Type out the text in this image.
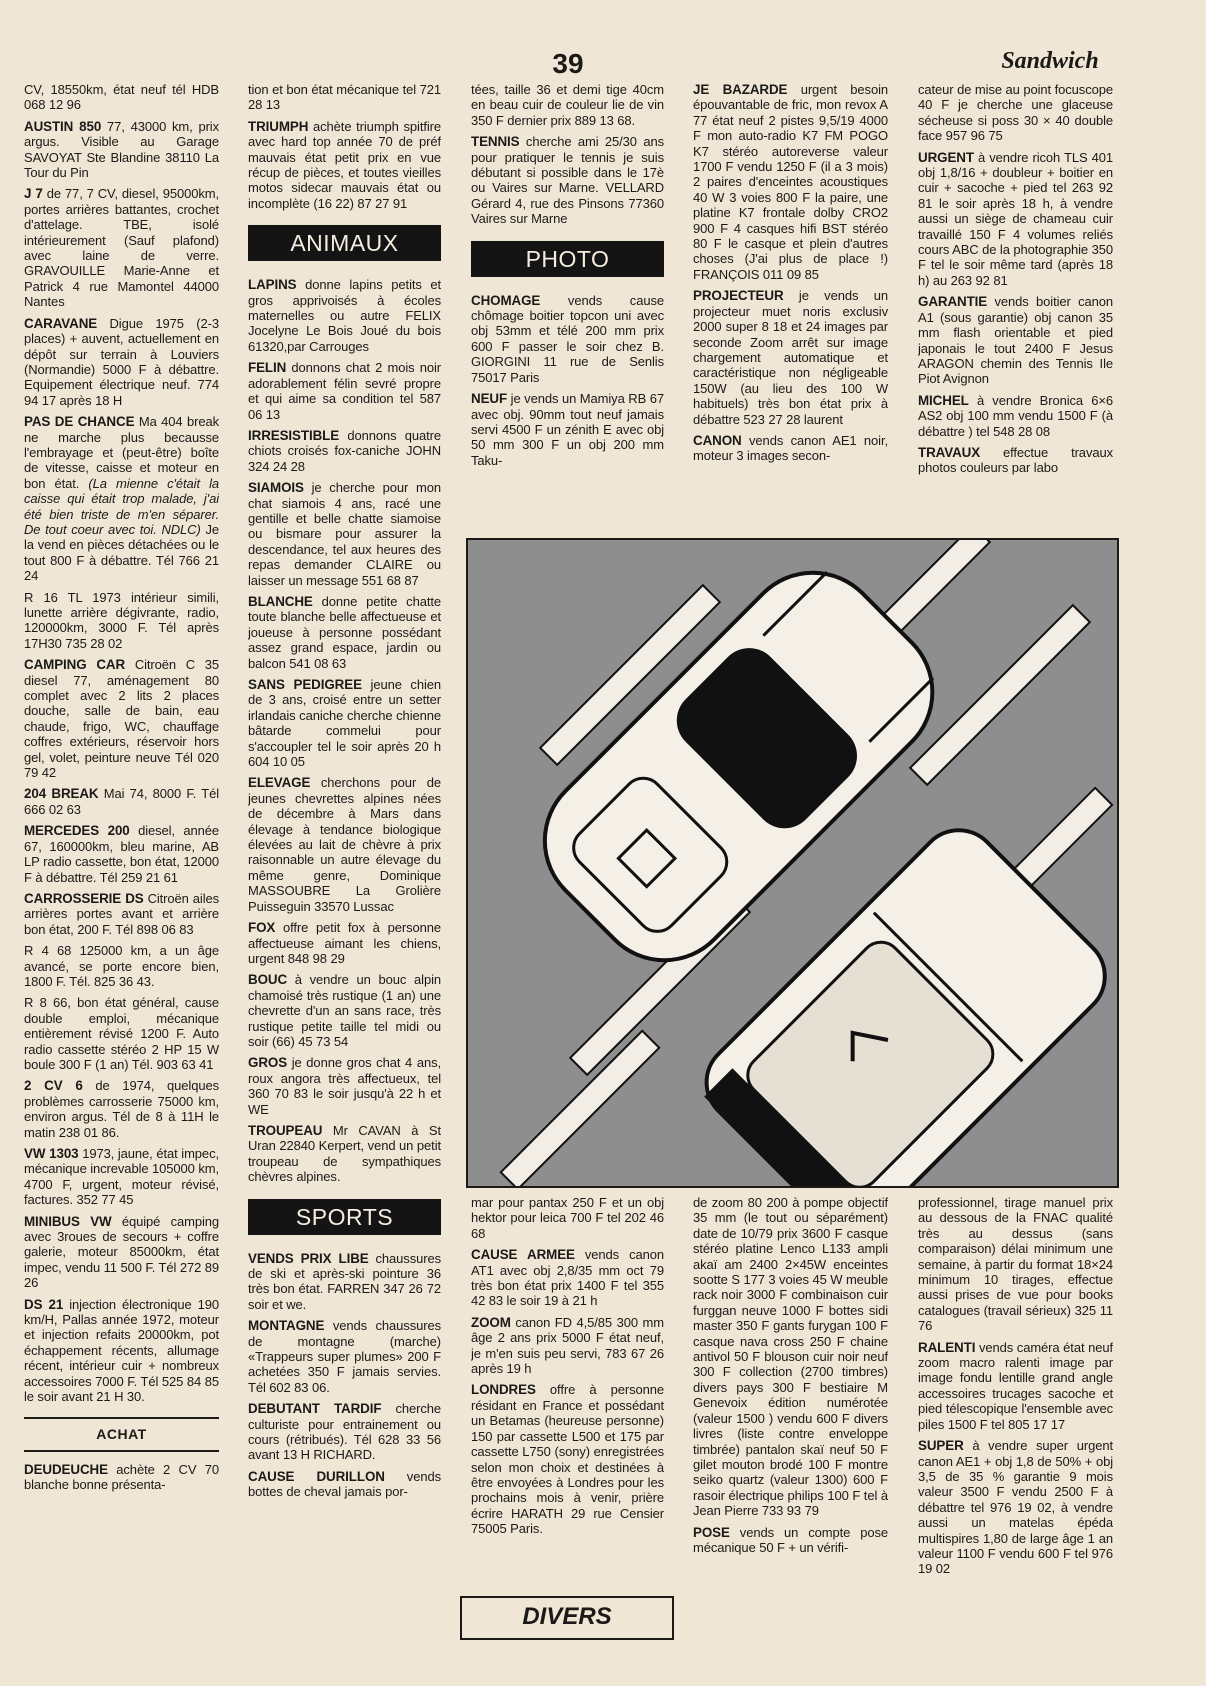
39	Sandwich

CV, 18550km, état neuf tél HDB 068 12 96

AUSTIN 850 77, 43000 km, prix argus. Visible au Garage SAVOYAT Ste Blandine 38110 La Tour du Pin

J 7 de 77, 7 CV, diesel, 95000km, portes arrières battantes, crochet d'attelage. TBE, isolé intérieurement (Sauf plafond) avec laine de verre. GRAVOUILLE Marie-Anne et Patrick 4 rue Mamontel 44000 Nantes

CARAVANE Digue 1975 (2-3 places) + auvent, actuellement en dépôt sur terrain à Louviers (Normandie) 5000 F à débattre. Equipement électrique neuf. 774 94 17 après 18 H

PAS DE CHANCE Ma 404 break ne marche plus becausse l'embrayage et (peut-être) boîte de vitesse, caisse et moteur en bon état. (La mienne c'était la caisse qui était trop malade, j'ai été bien triste de m'en séparer. De tout coeur avec toi. NDLC) Je la vend en pièces détachées ou le tout 800 F à débattre. Tél 766 21 24

R 16 TL 1973 intérieur simili, lunette arrière dégivrante, radio, 120000km, 3000 F. Tél après 17H30 735 28 02

CAMPING CAR Citroën C 35 diesel 77, aménagement 80 complet avec 2 lits 2 places douche, salle de bain, eau chaude, frigo, WC, chauffage coffres extérieurs, réservoir hors gel, volet, peinture neuve Tél 020 79 42

204 BREAK Mai 74, 8000 F. Tél 666 02 63

MERCEDES 200 diesel, année 67, 160000km, bleu marine, AB LP radio cassette, bon état, 12000 F à débattre. Tél 259 21 61

CARROSSERIE DS Citroën ailes arrières portes avant et arrière bon état, 200 F. Tél 898 06 83

R 4 68 125000 km, a un âge avancé, se porte encore bien, 1800 F. Tél. 825 36 43.

R 8 66, bon état général, cause double emploi, mécanique entièrement révisé 1200 F. Auto radio cassette stéréo 2 HP 15 W boule 300 F (1 an) Tél. 903 63 41

2 CV 6 de 1974, quelques problèmes carrosserie 75000 km, environ argus. Tél de 8 à 11H le matin 238 01 86.

VW 1303 1973, jaune, état impec, mécanique increvable 105000 km, 4700 F, urgent, moteur révisé, factures. 352 77 45

MINIBUS VW équipé camping avec 3roues de secours + coffre galerie, moteur 85000km, état impec, vendu 11 500 F. Tél 272 89 26

DS 21 injection électronique 190 km/H, Pallas année 1972, moteur et injection refaits 20000km, pot échappement récents, allumage récent, intérieur cuir + nombreux accessoires 7000 F. Tél 525 84 85 le soir avant 21 H 30.

ACHAT

DEUDEUCHE achète 2 CV 70 blanche bonne présenta-

tion et bon état mécanique tel 721 28 13

TRIUMPH achète triumph spitfire avec hard top année 70 de préf mauvais état petit prix en vue récup de pièces, et toutes vieilles motos sidecar mauvais état ou incomplète (16 22) 87 27 91

ANIMAUX

LAPINS donne lapins petits et gros apprivoisés à écoles maternelles ou autre FELIX Jocelyne Le Bois Joué du bois 61320,par Carrouges

FELIN donnons chat 2 mois noir adorablement félin sevré propre et qui aime sa condition tel 587 06 13

IRRESISTIBLE donnons quatre chiots croisés fox-caniche JOHN 324 24 28

SIAMOIS je cherche pour mon chat siamois 4 ans, racé une gentille et belle chatte siamoise ou bismare pour assurer la descendance, tel aux heures des repas demander CLAIRE ou laisser un message 551 68 87

BLANCHE donne petite chatte toute blanche belle affectueuse et joueuse à personne possédant assez grand espace, jardin ou balcon 541 08 63

SANS PEDIGREE jeune chien de 3 ans, croisé entre un setter irlandais caniche cherche chienne bâtarde commelui pour s'accoupler tel le soir après 20 h 604 10 05

ELEVAGE cherchons pour de jeunes chevrettes alpines nées de décembre à Mars dans élevage à tendance biologique élevées au lait de chèvre à prix raisonnable un autre élevage du même genre, Dominique MASSOUBRE La Grolière Puisseguin 33570 Lussac

FOX offre petit fox à personne affectueuse aimant les chiens, urgent 848 98 29

BOUC à vendre un bouc alpin chamoisé très rustique (1 an) une chevrette d'un an sans race, très rustique petite taille tel midi ou soir (66) 45 73 54

GROS je donne gros chat 4 ans, roux angora très affectueux, tel 360 70 83 le soir jusqu'à 22 h et WE

TROUPEAU Mr CAVAN à St Uran 22840 Kerpert, vend un petit troupeau de sympathiques chèvres alpines.

SPORTS

VENDS PRIX LIBE chaussures de ski et après-ski pointure 36 très bon état. FARREN 347 26 72 soir et we.

MONTAGNE vends chaussures de montagne (marche) «Trappeurs super plumes» 200 F achetées 350 F jamais servies. Tél 602 83 06.

DEBUTANT TARDIF cherche culturiste pour entrainement ou cours (rétribués). Tél 628 33 56 avant 13 H RICHARD.

CAUSE DURILLON vends bottes de cheval jamais por-

tées, taille 36 et demi tige 40cm en beau cuir de couleur lie de vin 350 F dernier prix 889 13 68.

TENNIS cherche ami 25/30 ans pour pratiquer le tennis je suis débutant si possible dans le 17è ou Vaires sur Marne. VELLARD Gérard 4, rue des Pinsons 77360 Vaires sur Marne

PHOTO

CHOMAGE vends cause chômage boitier topcon uni avec obj 53mm et télé 200 mm prix 600 F passer le soir chez B. GIORGINI 11 rue de Senlis 75017 Paris

NEUF je vends un Mamiya RB 67 avec obj. 90mm tout neuf jamais servi 4500 F un zénith E avec obj 50 mm 300 F un obj 200 mm Taku-

JE BAZARDE urgent besoin épouvantable de fric, mon revox A 77 état neuf 2 pistes 9,5/19 4000 F mon auto-radio K7 FM POGO K7 stéréo autoreverse valeur 1700 F vendu 1250 F (il a 3 mois) 2 paires d'enceintes acoustiques 40 W 3 voies 800 F la paire, une platine K7 frontale dolby CRO2 900 F 4 casques hifi BST stéréo 80 F le casque et plein d'autres choses (J'ai plus de place !) FRANÇOIS 011 09 85

PROJECTEUR je vends un projecteur muet noris exclusiv 2000 super 8 18 et 24 images par seconde Zoom arrêt sur image chargement automatique et caractéristique non négligeable 150W (au lieu des 100 W habituels) très bon état prix à débattre 523 27 28 laurent

CANON vends canon AE1 noir, moteur 3 images secon-

cateur de mise au point focuscope 40 F je cherche une glaceuse sécheuse si poss 30 × 40 double face 957 96 75

URGENT à vendre ricoh TLS 401 obj 1,8/16 + doubleur + boitier en cuir + sacoche + pied tel 263 92 81 le soir après 18 h, à vendre aussi un siège de chameau cuir travaillé 150 F 4 volumes reliés cours ABC de la photographie 350 F tel le soir même tard (après 18 h) au 263 92 81

GARANTIE vends boitier canon A1 (sous garantie) obj canon 35 mm flash orientable et pied japonais le tout 2400 F Jesus ARAGON chemin des Tennis Ile Piot Avignon

MICHEL à vendre Bronica 6×6 AS2 obj 100 mm vendu 1500 F (à débattre ) tel 548 28 08

TRAVAUX effectue travaux photos couleurs par labo

mar pour pantax 250 F et un obj hektor pour leica 700 F tel 202 46 68

CAUSE ARMEE vends canon AT1 avec obj 2,8/35 mm oct 79 très bon état prix 1400 F tel 355 42 83 le soir 19 à 21 h

ZOOM canon FD 4,5/85 300 mm âge 2 ans prix 5000 F état neuf, je m'en suis peu servi, 783 67 26 après 19 h

LONDRES offre à personne résidant en France et possédant un Betamas (heureuse personne) 150 par cassette L500 et 175 par cassette L750 (sony) enregistrées selon mon choix et destinées à être envoyées à Londres pour les prochains mois à venir, prière écrire HARATH 29 rue Censier 75005 Paris.

DIVERS

de zoom 80 200 à pompe objectif 35 mm (le tout ou séparément) date de 10/79 prix 3600 F casque stéréo platine Lenco L133 ampli akaï am 2400 2×45W enceintes sootte S 177 3 voies 45 W meuble rack noir 3000 F combinaison cuir furggan neuve 1000 F bottes sidi master 350 F gants furygan 100 F casque nava cross 250 F chaine antivol 50 F blouson cuir noir neuf 300 F collection (2700 timbres) divers pays 300 F bestiaire M Genevoix édition numérotée (valeur 1500 ) vendu 600 F divers livres (liste contre enveloppe timbrée) pantalon skaï neuf 50 F gilet mouton brodé 100 F montre seiko quartz (valeur 1300) 600 F rasoir électrique philips 100 F tel à Jean Pierre 733 93 79

POSE vends un compte pose mécanique 50 F + un vérifi-

professionnel, tirage manuel prix au dessous de la FNAC qualité très au dessus (sans comparaison) délai minimum une semaine, à partir du format 18×24 minimum 10 tirages, effectue aussi prises de vue pour books catalogues (travail sérieux) 325 11 76

RALENTI vends caméra état neuf zoom macro ralenti image par image fondu lentille grand angle accessoires trucages sacoche et pied télescopique l'ensemble avec piles 1500 F tel 805 17 17

SUPER à vendre super urgent canon AE1 + obj 1,8 de 50% + obj 3,5 de 35 % garantie 9 mois valeur 3500 F vendu 2500 F à débattre tel 976 19 02, à vendre aussi un matelas épéda multispires 1,80 de large âge 1 an valeur 1100 F vendu 600 F tel 976 19 02
